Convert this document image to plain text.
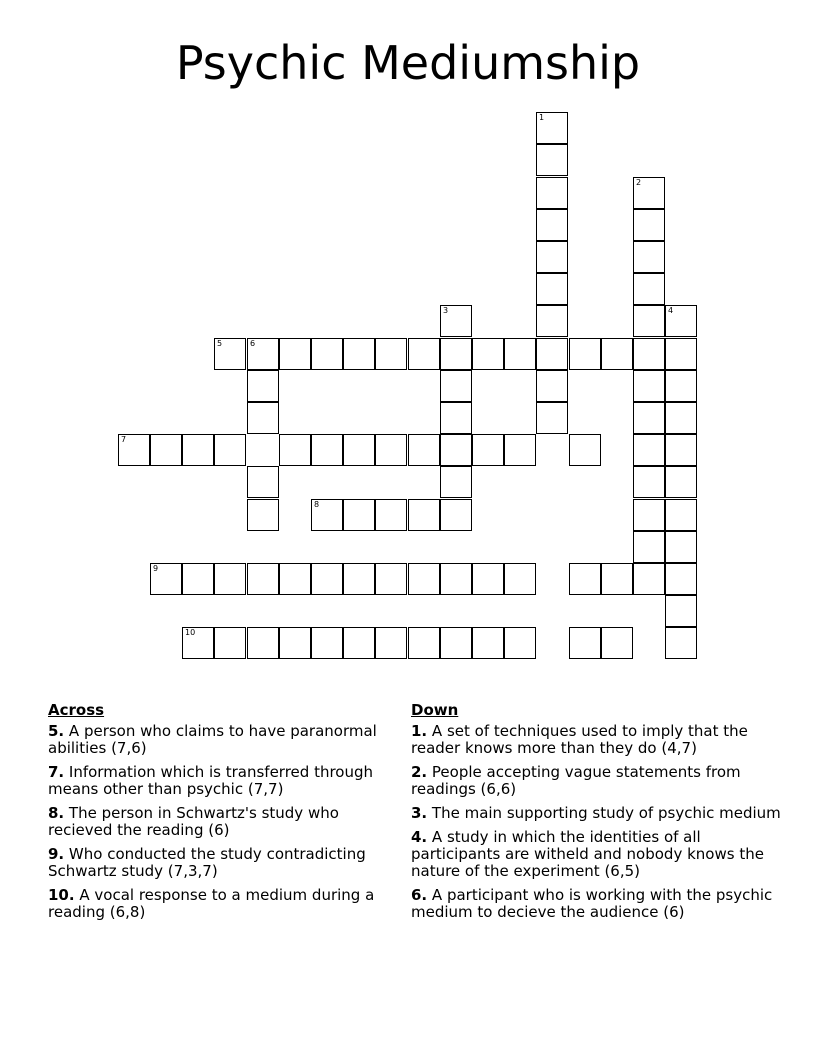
Psychic Mediumship
1
2
3	4
5	6
7
8
9
10
Across
5. A person who claims to have paranormal abilities (7,6)
7. Information which is transferred through means other than psychic (7,7)
8. The person in Schwartz's study who recieved the reading (6)
9. Who conducted the study contradicting Schwartz study (7,3,7)
10. A vocal response to a medium during a reading (6,8)
Down
1. A set of techniques used to imply that the reader knows more than they do (4,7)
2. People accepting vague statements from readings (6,6)
3. The main supporting study of psychic medium
4. A study in which the identities of all participants are witheld and nobody knows the nature of the experiment (6,5)
6. A participant who is working with the psychic medium to decieve the audience (6)
